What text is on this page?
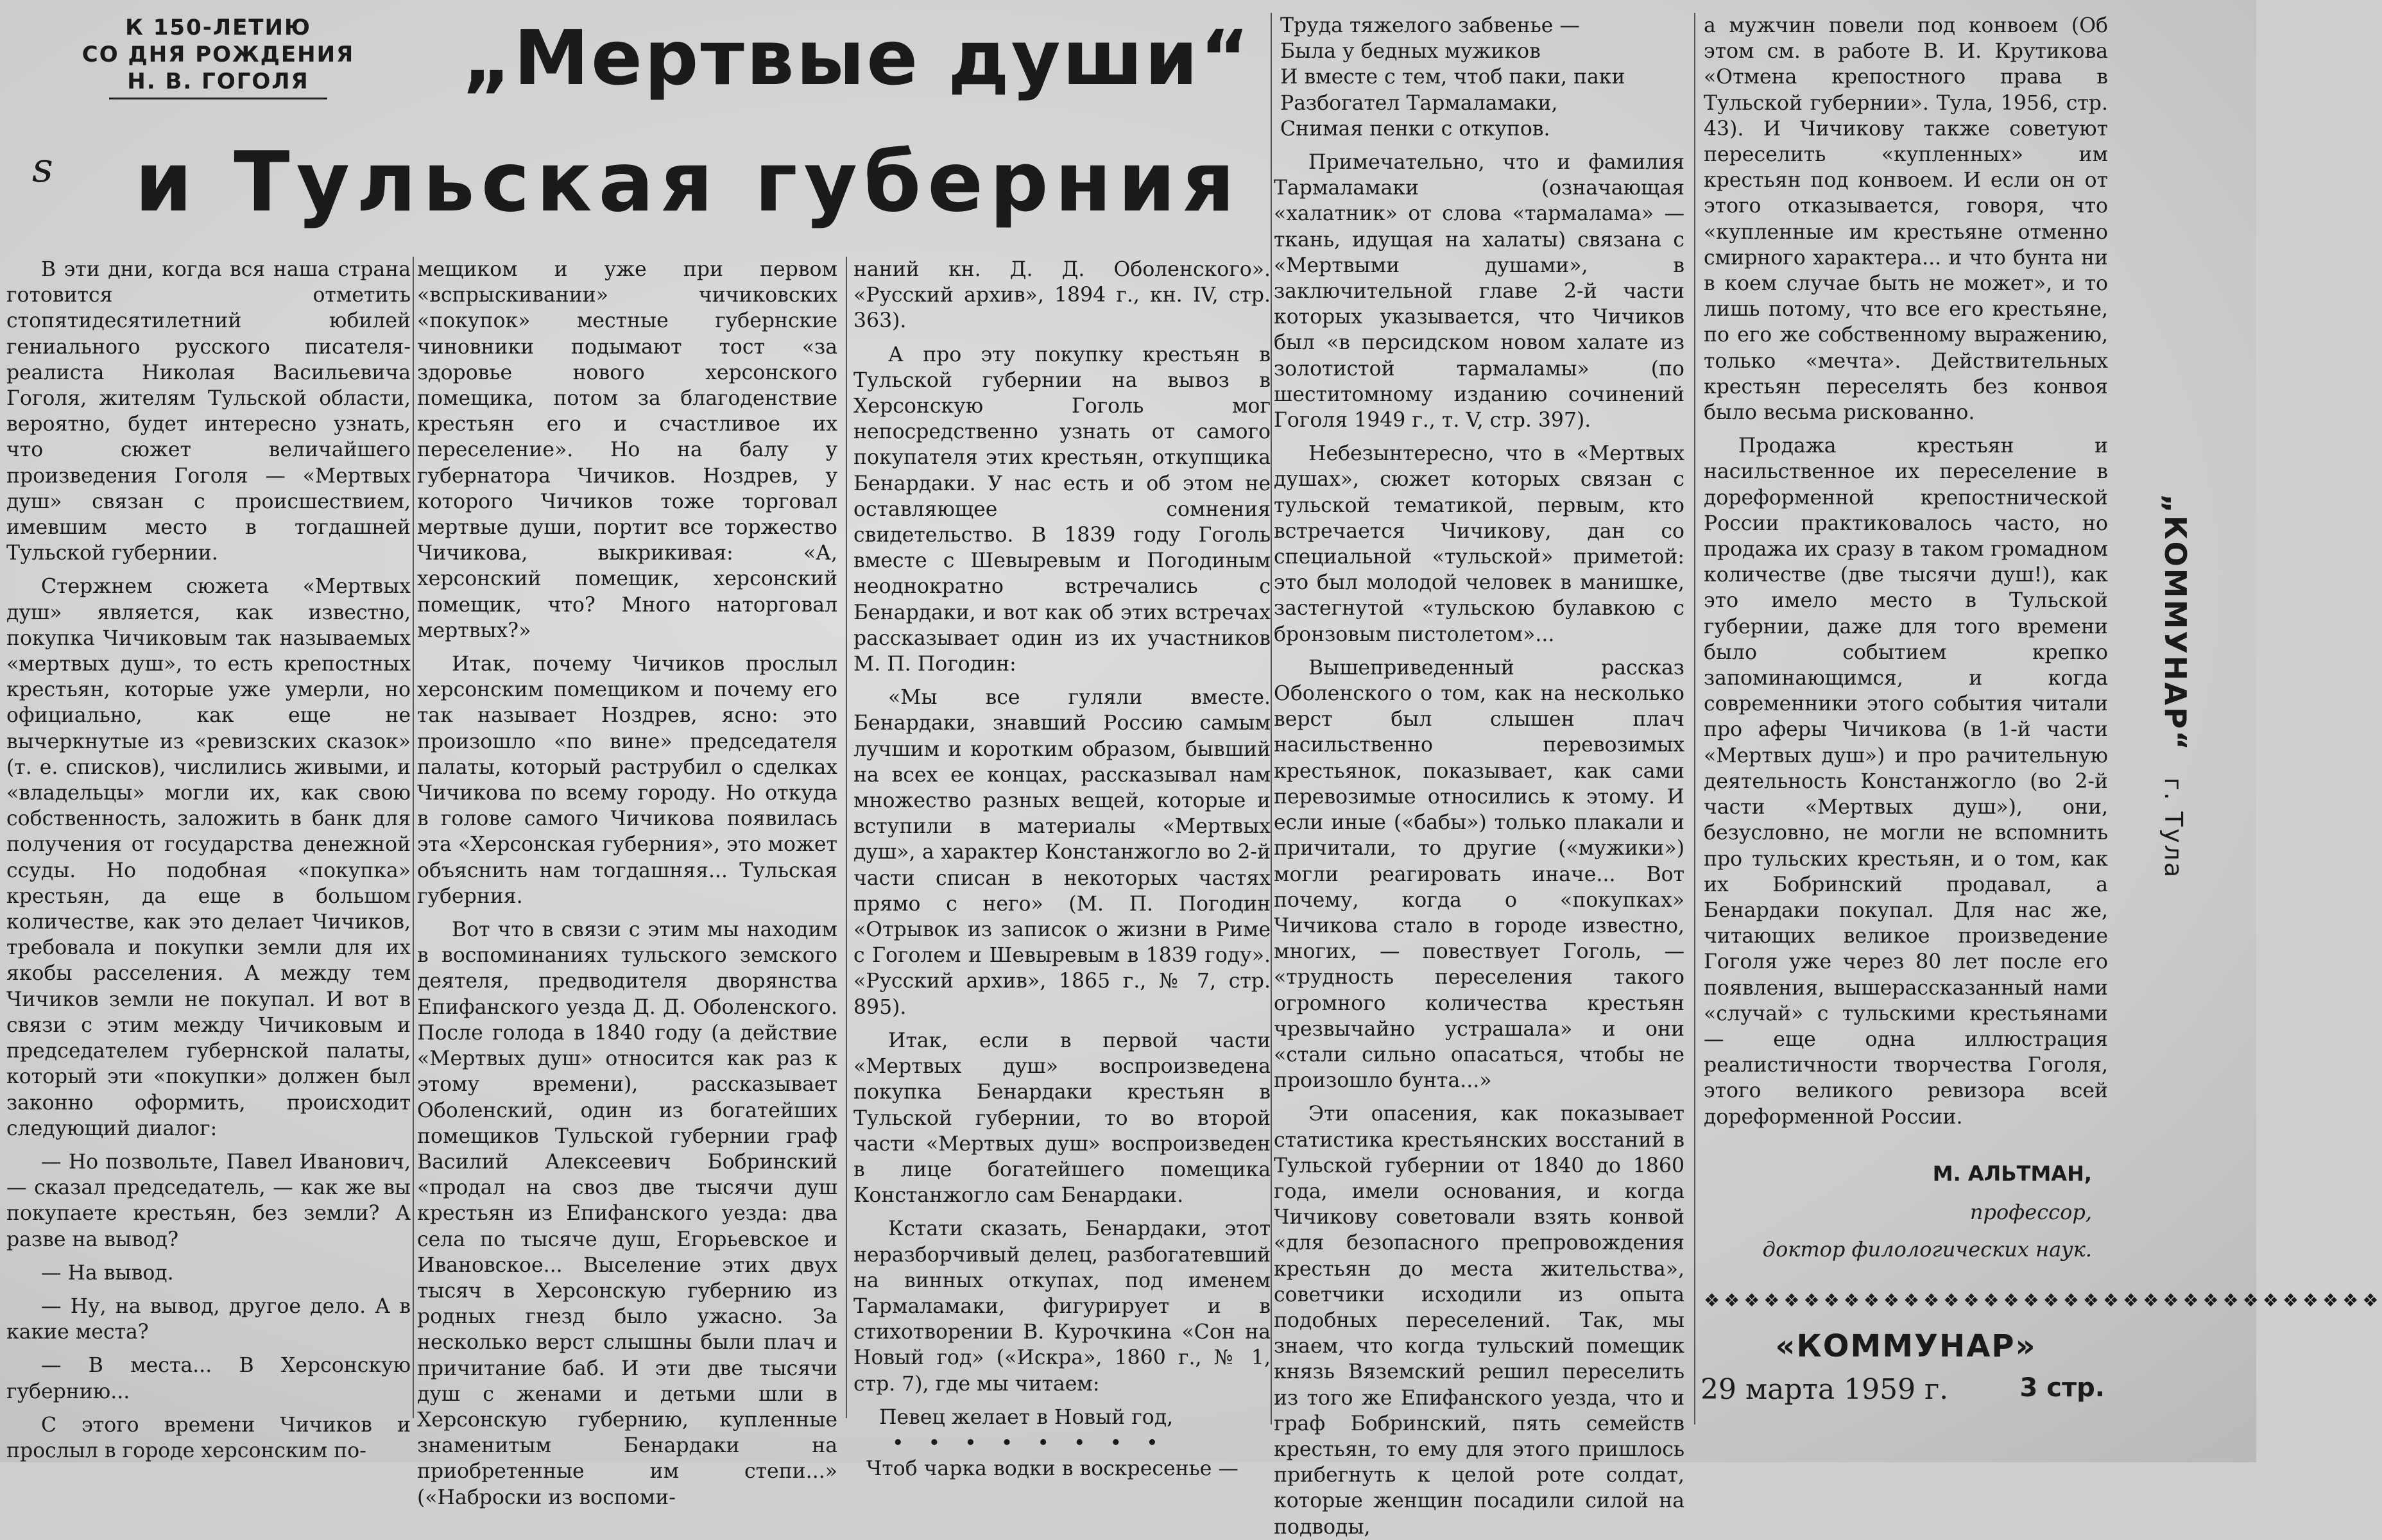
s
К 150-ЛЕТИЮ
СО ДНЯ РОЖДЕНИЯ
Н. В. ГОГОЛЯ	„Мертвые души“
и Тульская губерния

В эти дни, когда вся наша страна готовится отметить стопятидесятилетний юбилей гениального русского писателя-реалиста Николая Васильевича Гоголя, жителям Тульской области, вероятно, будет интересно узнать, что сюжет величайшего произведения Гоголя — «Мертвых душ» связан с происшествием, имевшим место в тогдашней Тульской губернии.

Стержнем сюжета «Мертвых душ» является, как известно, покупка Чичиковым так называемых «мертвых душ», то есть крепостных крестьян, которые уже умерли, но официально, как еще не вычеркнутые из «ревизских сказок» (т. е. списков), числились живыми, и «владельцы» могли их, как свою собственность, заложить в банк для получения от государства денежной ссуды. Но подобная «покупка» крестьян, да еще в большом количестве, как это делает Чичиков, требовала и покупки земли для их якобы расселения. А между тем Чичиков земли не покупал. И вот в связи с этим между Чичиковым и председателем губернской палаты, который эти «покупки» должен был законно оформить, происходит следующий диалог:

— Но позвольте, Павел Иванович, — сказал председатель, — как же вы покупаете крестьян, без земли? А разве на вывод?

— На вывод.

— Ну, на вывод, другое дело. А в какие места?

— В места... В Херсонскую губернию...

С этого времени Чичиков и прослыл в городе херсонским по-

мещиком и уже при первом «вспрыскивании» чичиковских «покупок» местные губернские чиновники подымают тост «за здоровье нового херсонского помещика, потом за благоденствие крестьян его и счастливое их переселение». Но на балу у губернатора Чичиков. Ноздрев, у которого Чичиков тоже торговал мертвые души, портит все торжество Чичикова, выкрикивая: «А, херсонский помещик, херсонский помещик, что? Много наторговал мертвых?»

Итак, почему Чичиков прослыл херсонским помещиком и почему его так называет Ноздрев, ясно: это произошло «по вине» председателя палаты, который раструбил о сделках Чичикова по всему городу. Но откуда в голове самого Чичикова появилась эта «Херсонская губерния», это может объяснить нам тогдашняя... Тульская губерния.

Вот что в связи с этим мы находим в воспоминаниях тульского земского деятеля, предводителя дворянства Епифанского уезда Д. Д. Оболенского. После голода в 1840 году (а действие «Мертвых душ» относится как раз к этому времени), рассказывает Оболенский, один из богатейших помещиков Тульской губернии граф Василий Алексеевич Бобринский «продал на своз две тысячи душ крестьян из Епифанского уезда: два села по тысяче душ, Егорьевское и Ивановское... Выселение этих двух тысяч в Херсонскую губернию из родных гнезд было ужасно. За несколько верст слышны были плач и причитание баб. И эти две тысячи душ с женами и детьми шли в Херсонскую губернию, купленные знаменитым Бенардаки на приобретенные им степи...» («Наброски из воспоми-

наний кн. Д. Д. Оболенского». «Русский архив», 1894 г., кн. IV, стр. 363).

А про эту покупку крестьян в Тульской губернии на вывоз в Херсонскую Гоголь мог непосредственно узнать от самого покупателя этих крестьян, откупщика Бенардаки. У нас есть и об этом не оставляющее сомнения свидетельство. В 1839 году Гоголь вместе с Шевыревым и Погодиным неоднократно встречались с Бенардаки, и вот как об этих встречах рассказывает один из их участников М. П. Погодин:

«Мы все гуляли вместе. Бенардаки, знавший Россию самым лучшим и коротким образом, бывший на всех ее концах, рассказывал нам множество разных вещей, которые и вступили в материалы «Мертвых душ», а характер Констанжогло во 2-й части списан в некоторых частях прямо с него» (М. П. Погодин «Отрывок из записок о жизни в Риме с Гоголем и Шевыревым в 1839 году». «Русский архив», 1865 г., № 7, стр. 895).

Итак, если в первой части «Мертвых душ» воспроизведена покупка Бенардаки крестьян в Тульской губернии, то во второй части «Мертвых душ» воспроизведен в лице богатейшего помещика Констанжогло сам Бенардаки.

Кстати сказать, Бенардаки, этот неразборчивый делец, разбогатевший на винных откупах, под именем Тармаламаки, фигурирует и в стихотворении В. Курочкина «Сон на Новый год» («Искра», 1860 г., № 1, стр. 7), где мы читаем:

Певец желает в Новый год,

• • • • • • • •

Чтоб чарка водки в воскресенье —

Труда тяжелого забвенье —

Была у бедных мужиков

И вместе с тем, чтоб паки, паки

Разбогател Тармаламаки,

Снимая пенки с откупов.

Примечательно, что и фамилия Тармаламаки (означающая «халатник» от слова «тармалама» — ткань, идущая на халаты) связана с «Мертвыми душами», в заключительной главе 2-й части которых указывается, что Чичиков был «в персидском новом халате из золотистой тармаламы» (по шеститомному изданию сочинений Гоголя 1949 г., т. V, стр. 397).

Небезынтересно, что в «Мертвых душах», сюжет которых связан с тульской тематикой, первым, кто встречается Чичикову, дан со специальной «тульской» приметой: это был молодой человек в манишке, застегнутой «тульскою булавкою с бронзовым пистолетом»...

Вышеприведенный рассказ Оболенского о том, как на несколько верст был слышен плач насильственно перевозимых крестьянок, показывает, как сами перевозимые относились к этому. И если иные («бабы») только плакали и причитали, то другие («мужики») могли реагировать иначе... Вот почему, когда о «покупках» Чичикова стало в городе известно, многих, — повествует Гоголь, — «трудность переселения такого огромного количества крестьян чрезвычайно устрашала» и они «стали сильно опасаться, чтобы не произошло бунта...»

Эти опасения, как показывает статистика крестьянских восстаний в Тульской губернии от 1840 до 1860 года, имели основания, и когда Чичикову советовали взять конвой «для безопасного препровождения крестьян до места жительства», советчики исходили из опыта подобных переселений. Так, мы знаем, что когда тульский помещик князь Вяземский решил переселить из того же Епифанского уезда, что и граф Бобринский, пять семейств крестьян, то ему для этого пришлось прибегнуть к целой роте солдат, которые женщин посадили силой на подводы,

а мужчин повели под конвоем (Об этом см. в работе В. И. Крутикова «Отмена крепостного права в Тульской губернии». Тула, 1956, стр. 43). И Чичикову также советуют переселить «купленных» им крестьян под конвоем. И если он от этого отказывается, говоря, что «купленные им крестьяне отменно смирного характера... и что бунта ни в коем случае быть не может», и то лишь потому, что все его крестьяне, по его же собственному выражению, только «мечта». Действительных крестьян переселять без конвоя было весьма рискованно.

Продажа крестьян и насильственное их переселение в дореформенной крепостнической России практиковалось часто, но продажа их сразу в таком громадном количестве (две тысячи душ!), как это имело место в Тульской губернии, даже для того времени было событием крепко запоминающимся, и когда современники этого события читали про аферы Чичикова (в 1-й части «Мертвых душ») и про рачительную деятельность Констанжогло (во 2-й части «Мертвых душ»), они, безусловно, не могли не вспомнить про тульских крестьян, и о том, как их Бобринский продавал, а Бенардаки покупал. Для нас же, читающих великое произведение Гоголя уже через 80 лет после его появления, вышерассказанный нами «случай» с тульскими крестьянами — еще одна иллюстрация реалистичности творчества Гоголя, этого великого ревизора всей дореформенной России.

М. АЛЬТМАН,
профессор,
доктор филологических наук.
❖❖❖❖❖❖❖❖❖❖❖❖❖❖❖❖❖❖❖❖❖❖❖❖❖❖❖❖❖❖❖❖❖❖
«КОММУНАР»
29 марта 1959 г.	3 стр.
„КОММУНАР“г. Тула
